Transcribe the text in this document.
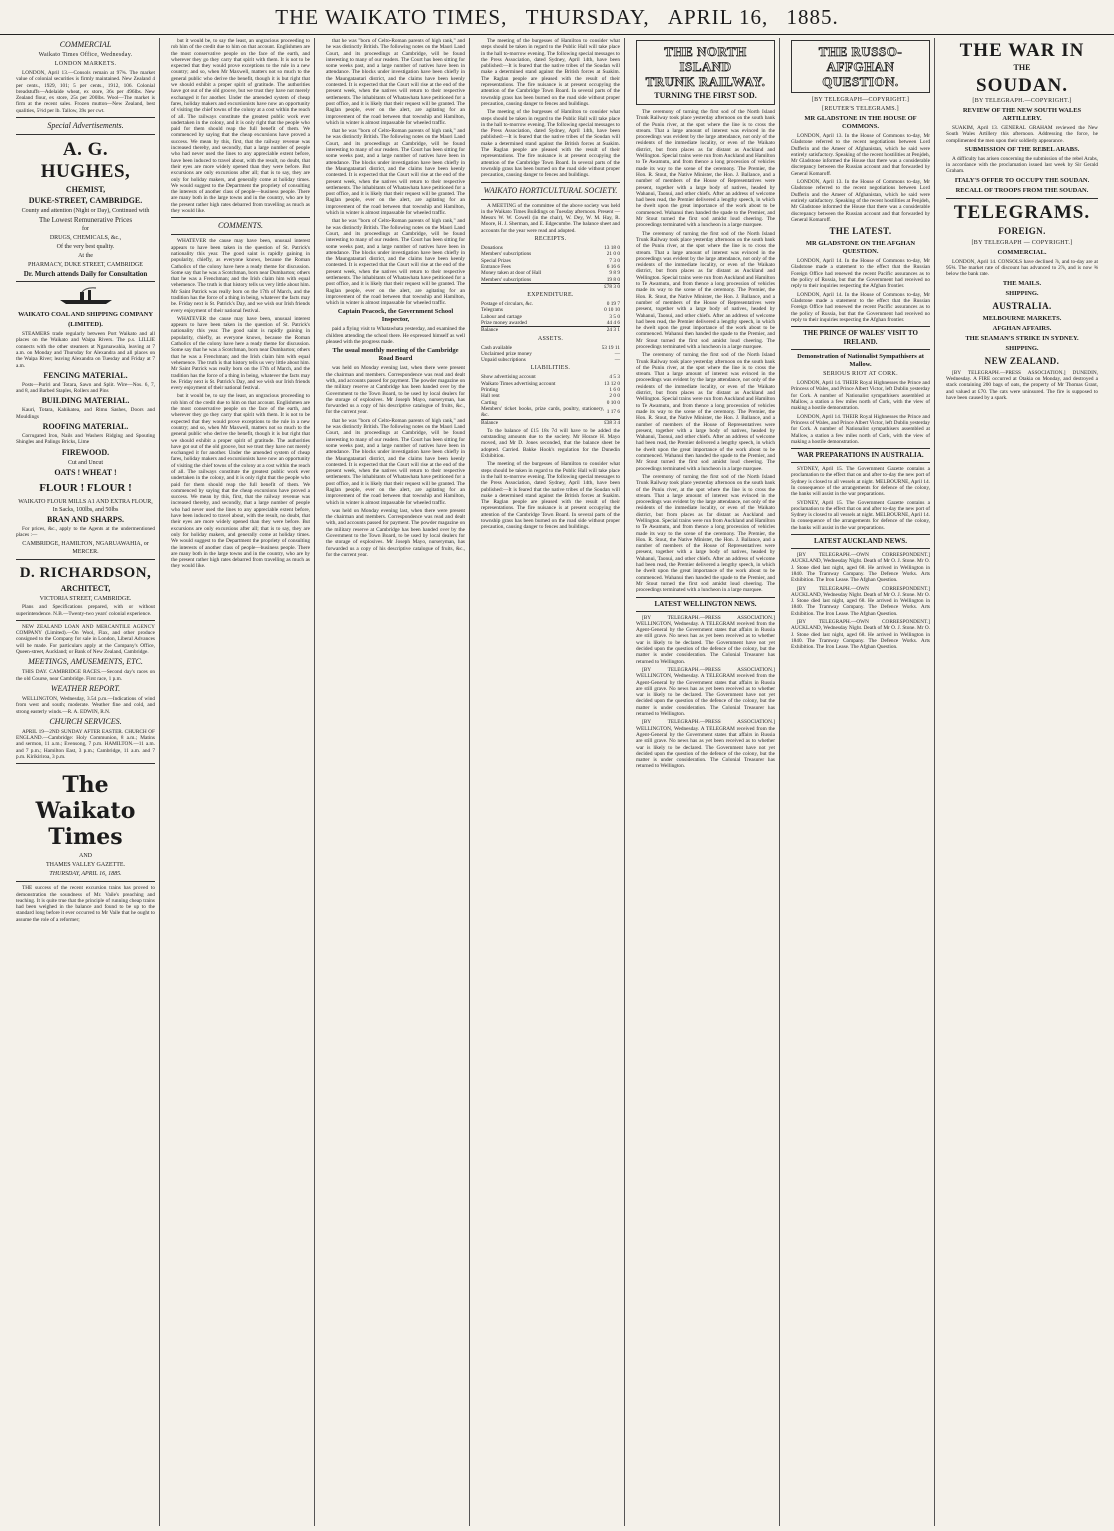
THE WAIKATO TIMES, THURSDAY, APRIL 16, 1885.
COMMERCIAL
Waikato Times Office, Wednesday.
LONDON MARKETS.

LONDON, April 13.—Consols remain at 97¾. The market value of colonial securities is firmly maintained. New Zealand 4 per cents., 1929, 101; 5 per cents., 1912, 106. Colonial breadstuffs—Adelaide wheat, ex store, 36s per 496lbs. New Zealand flour, ex store, 25s per 200lbs. Wool—The market is firm at the recent sales. Frozen mutton—New Zealand, best qualities, 5½d per lb. Tallow, 39s per cwt.

Special Advertisements.
A. G. HUGHES,
CHEMIST,
DUKE-STREET, CAMBRIDGE.
County and attention (Night or Day), Continued with
The Lowest Remunerative Prices
for
DRUGS, CHEMICALS, &c.,
Of the very best quality.
At the
PHARMACY, DUKE STREET, CAMBRIDGE
Dr. Murch attends Daily for Consultation
WAIKATO COAL AND SHIPPING COMPANY (LIMITED).

STEAMERS trade regularly between Port Waikato and all places on the Waikato and Waipa Rivers. The p.s. LILLIE connects with the other steamers at Ngaruawahia, leaving at 7 a.m. on Monday and Thursday for Alexandra and all places on the Waipa River; leaving Alexandra on Tuesday and Friday at 7 a.m.

FENCING MATERIAL.

Posts—Puriri and Totara, Sawn and Split. Wire—Nos. 6, 7, and 8, and Barbed Staples, Rollers and Pins

BUILDING MATERIAL.

Kauri, Totara, Kahikatea, and Rimu Sashes, Doors and Mouldings

ROOFING MATERIAL.

Corrugated Iron, Nails and Washers Ridging and Spouting Shingles and Palings Bricks, Lime

FIREWOOD.
Cut and Uncut
OATS ! WHEAT !
FLOUR ! FLOUR !
WAIKATO FLOUR MILLS A1 AND EXTRA FLOUR, In Sacks, 100lbs, and 50lbs
BRAN AND SHARPS.

For prices, &c., apply to the Agents at the undermentioned places :—

CAMBRIDGE, HAMILTON, NGARUAWAHIA, or MERCER.
D. RICHARDSON,
ARCHITECT,
VICTORIA STREET, CAMBRIDGE.

Plans and Specifications prepared, with or without superintendence. N.B.—Twenty-two years' colonial experience.

NEW ZEALAND LOAN AND MERCANTILE AGENCY COMPANY (Limited).—On Wool, Flax, and other produce consigned to the Company for sale in London, Liberal Advances will be made. For particulars apply at the Company's Office, Queen-street, Auckland; or Bank of New Zealand, Cambridge.

MEETINGS, AMUSEMENTS, ETC.

THIS DAY. CAMBRIDGE RACES.—Second day's races on the old Course, near Cambridge. First race, 1 p.m.

WEATHER REPORT.

WELLINGTON, Wednesday, 3.54 p.m.—Indications of wind from west and south; moderate. Weather fine and cold, and strong easterly winds.—R. A. EDWIN, R.N.

CHURCH SERVICES.

APRIL 19—2ND SUNDAY AFTER EASTER. CHURCH OF ENGLAND.—Cambridge: Holy Communion, 8 a.m.; Matins and sermon, 11 a.m.; Evensong, 7 p.m. HAMILTON.—11 a.m. and 7 p.m.; Hamilton East, 3 p.m.; Cambridge, 11 a.m. and 7 p.m. Kirikiriroa, 3 p.m.

The Waikato Times
AND
THAMES VALLEY GAZETTE.
THURSDAY, APRIL 16, 1885.

THE success of the recent excursion trains has proved to demonstration the soundness of Mr. Vaile's preaching and teaching. It is quite true that the principle of running cheap trains had been weighed in the balance and found to be up to the standard long before it ever occurred to Mr Vaile that he ought to assume the role of a reformer;

but it would be, to say the least, an ungracious proceeding to rob him of the credit due to him on that account. Englishmen are the most conservative people on the face of the earth, and wherever they go they carry that spirit with them. It is not to be expected that they would prove exceptions to the rule in a new country; and so, when Mr Maxwell, matters not so much to the general public who derive the benefit, though it is but right that we should exhibit a proper spirit of gratitude. The authorities have got out of the old groove, but we trust they have not merely exchanged it for another. Under the amended system of cheap fares, holiday makers and excursionists have now an opportunity of visiting the chief towns of the colony at a cost within the reach of all. The railways constitute the greatest public work ever undertaken in the colony, and it is only right that the people who paid for them should reap the full benefit of them. We commenced by saying that the cheap excursions have proved a success. We mean by this, first, that the railway revenue was increased thereby, and secondly, that a large number of people who had never used the lines to any appreciable extent before, have been induced to travel about, with the result, no doubt, that their eyes are more widely opened than they were before. But excursions are only excursions after all; that is to say, they are only for holiday makers, and generally come at holiday times. We would suggest to the Department the propriety of consulting the interests of another class of people—business people. There are many both in the large towns and in the country, who are by the present rather high rates debarred from travelling as much as they would like.

COMMENTS.

WHATEVER the cause may have been, unusual interest appears to have been taken in the question of St. Patrick's nationality this year. The good saint is rapidly gaining in popularity, chiefly, as everyone knows, because the Roman Catholics of the colony have here a ready theme for discussion. Some say that he was a Scotchman, born near Dumbarton; others that he was a Frenchman; and the Irish claim him with equal vehemence. The truth is that history tells us very little about him. Mr Saint Patrick was really born on the 17th of March, and the tradition has the force of a thing in being, whatever the facts may be. Friday next is St. Patrick's Day, and we wish our Irish friends every enjoyment of their national festival.

WHATEVER the cause may have been, unusual interest appears to have been taken in the question of St. Patrick's nationality this year. The good saint is rapidly gaining in popularity, chiefly, as everyone knows, because the Roman Catholics of the colony have here a ready theme for discussion. Some say that he was a Scotchman, born near Dumbarton; others that he was a Frenchman; and the Irish claim him with equal vehemence. The truth is that history tells us very little about him. Mr Saint Patrick was really born on the 17th of March, and the tradition has the force of a thing in being, whatever the facts may be. Friday next is St. Patrick's Day, and we wish our Irish friends every enjoyment of their national festival.

but it would be, to say the least, an ungracious proceeding to rob him of the credit due to him on that account. Englishmen are the most conservative people on the face of the earth, and wherever they go they carry that spirit with them. It is not to be expected that they would prove exceptions to the rule in a new country; and so, when Mr Maxwell, matters not so much to the general public who derive the benefit, though it is but right that we should exhibit a proper spirit of gratitude. The authorities have got out of the old groove, but we trust they have not merely exchanged it for another. Under the amended system of cheap fares, holiday makers and excursionists have now an opportunity of visiting the chief towns of the colony at a cost within the reach of all. The railways constitute the greatest public work ever undertaken in the colony, and it is only right that the people who paid for them should reap the full benefit of them. We commenced by saying that the cheap excursions have proved a success. We mean by this, first, that the railway revenue was increased thereby, and secondly, that a large number of people who had never used the lines to any appreciable extent before, have been induced to travel about, with the result, no doubt, that their eyes are more widely opened than they were before. But excursions are only excursions after all; that is to say, they are only for holiday makers, and generally come at holiday times. We would suggest to the Department the propriety of consulting the interests of another class of people—business people. There are many both in the large towns and in the country, who are by the present rather high rates debarred from travelling as much as they would like.

that he was "born of Celto-Roman parents of high rank," and he was distinctly British. The following notes on the Maori Land Court, and its proceedings at Cambridge, will be found interesting to many of our readers. The Court has been sitting for some weeks past, and a large number of natives have been in attendance. The blocks under investigation have been chiefly in the Maungatautari district, and the claims have been keenly contested. It is expected that the Court will rise at the end of the present week, when the natives will return to their respective settlements. The inhabitants of Whatawhata have petitioned for a post office, and it is likely that their request will be granted. The Raglan people, ever on the alert, are agitating for an improvement of the road between that township and Hamilton, which in winter is almost impassable for wheeled traffic.

that he was "born of Celto-Roman parents of high rank," and he was distinctly British. The following notes on the Maori Land Court, and its proceedings at Cambridge, will be found interesting to many of our readers. The Court has been sitting for some weeks past, and a large number of natives have been in attendance. The blocks under investigation have been chiefly in the Maungatautari district, and the claims have been keenly contested. It is expected that the Court will rise at the end of the present week, when the natives will return to their respective settlements. The inhabitants of Whatawhata have petitioned for a post office, and it is likely that their request will be granted. The Raglan people, ever on the alert, are agitating for an improvement of the road between that township and Hamilton, which in winter is almost impassable for wheeled traffic.

that he was "born of Celto-Roman parents of high rank," and he was distinctly British. The following notes on the Maori Land Court, and its proceedings at Cambridge, will be found interesting to many of our readers. The Court has been sitting for some weeks past, and a large number of natives have been in attendance. The blocks under investigation have been chiefly in the Maungatautari district, and the claims have been keenly contested. It is expected that the Court will rise at the end of the present week, when the natives will return to their respective settlements. The inhabitants of Whatawhata have petitioned for a post office, and it is likely that their request will be granted. The Raglan people, ever on the alert, are agitating for an improvement of the road between that township and Hamilton, which in winter is almost impassable for wheeled traffic.

Captain Peacock, the Government School Inspector,

paid a flying visit to Whatawhata yesterday, and examined the children attending the school there. He expressed himself as well pleased with the progress made.

The usual monthly meeting of the Cambridge Road Board

was held on Monday evening last, when there were present the chairman and members. Correspondence was read and dealt with, and accounts passed for payment. The powder magazine on the military reserve at Cambridge has been handed over by the Government to the Town Board, to be used by local dealers for the storage of explosives. Mr Joseph Mayo, nurseryman, has forwarded us a copy of his descriptive catalogue of fruits, &c., for the current year.

that he was "born of Celto-Roman parents of high rank," and he was distinctly British. The following notes on the Maori Land Court, and its proceedings at Cambridge, will be found interesting to many of our readers. The Court has been sitting for some weeks past, and a large number of natives have been in attendance. The blocks under investigation have been chiefly in the Maungatautari district, and the claims have been keenly contested. It is expected that the Court will rise at the end of the present week, when the natives will return to their respective settlements. The inhabitants of Whatawhata have petitioned for a post office, and it is likely that their request will be granted. The Raglan people, ever on the alert, are agitating for an improvement of the road between that township and Hamilton, which in winter is almost impassable for wheeled traffic.

was held on Monday evening last, when there were present the chairman and members. Correspondence was read and dealt with, and accounts passed for payment. The powder magazine on the military reserve at Cambridge has been handed over by the Government to the Town Board, to be used by local dealers for the storage of explosives. Mr Joseph Mayo, nurseryman, has forwarded us a copy of his descriptive catalogue of fruits, &c., for the current year.

The meeting of the burgesses of Hamilton to consider what steps should be taken in regard to the Public Hall will take place in the hall to-morrow evening. The following special messages to the Press Association, dated Sydney, April 14th, have been published:—It is feared that the native tribes of the Soudan will make a determined stand against the British forces at Suakim. The Raglan people are pleased with the result of their representations. The fire nuisance is at present occupying the attention of the Cambridge Town Board. In several parts of the township grass has been burned on the road side without proper precaution, causing danger to fences and buildings.

The meeting of the burgesses of Hamilton to consider what steps should be taken in regard to the Public Hall will take place in the hall to-morrow evening. The following special messages to the Press Association, dated Sydney, April 14th, have been published:—It is feared that the native tribes of the Soudan will make a determined stand against the British forces at Suakim. The Raglan people are pleased with the result of their representations. The fire nuisance is at present occupying the attention of the Cambridge Town Board. In several parts of the township grass has been burned on the road side without proper precaution, causing danger to fences and buildings.

WAIKATO HORTICULTURAL SOCIETY.

A MEETING of the committee of the above society was held in the Waikato Times Buildings on Tuesday afternoon. Present —Messrs W. W. Cowell (in the chair), W. Dey, W. M. Hay, R. Moore, H. J. Sherman, and E. Edgecumbe. The balance sheet and accounts for the year were read and adopted.

RECEIPTS.
Donations	13 18 0
Members' subscriptions	21 0 0
Special Prizes	7 3 0
Entrance Fees	6 16 6
Money taken at door of Hall	9 8 9
Members' subscriptions	19 8 0
	£78 3 0
EXPENDITURE.
Postage of circulars, &c.	0 19 7
Telegrams	0 10 10
Labour and cartage	3 5 0
Prize money awarded	44 4 6
Balance	24 3 1
ASSETS.
Cash available	53 19 11
Unclaimed prize money	—
Unpaid subscriptions	—
LIABILITIES.
Show advertising account	4 5 3
Waikato Times advertising account	13 12 0
Printing	1 6 0
Hall rent	2 0 0
Carting	0 10 0
Members' ticket books, prize cards, poultry, stationery, &c.	1 17 6
Balance	£38 3 4

To the balance of £15 18s 7d will have to be added the outstanding amounts due to the society. Mr Horace H. Mayo moved, and Mr D. Jones seconded, that the balance sheet be adopted. Carried. Bakke Hook's regulation for the Dunedin Exhibition.

The meeting of the burgesses of Hamilton to consider what steps should be taken in regard to the Public Hall will take place in the hall to-morrow evening. The following special messages to the Press Association, dated Sydney, April 14th, have been published:—It is feared that the native tribes of the Soudan will make a determined stand against the British forces at Suakim. The Raglan people are pleased with the result of their representations. The fire nuisance is at present occupying the attention of the Cambridge Town Board. In several parts of the township grass has been burned on the road side without proper precaution, causing danger to fences and buildings.

THE NORTH ISLAND
TRUNK RAILWAY.
TURNING THE FIRST SOD.

The ceremony of turning the first sod of the North Island Trunk Railway took place yesterday afternoon on the south bank of the Puniu river, at the spot where the line is to cross the stream. That a large amount of interest was evinced in the proceedings was evident by the large attendance, not only of the residents of the immediate locality, or even of the Waikato district, but from places as far distant as Auckland and Wellington. Special trains were run from Auckland and Hamilton to Te Awamutu, and from thence a long procession of vehicles made its way to the scene of the ceremony. The Premier, the Hon. R. Stout, the Native Minister, the Hon. J. Ballance, and a number of members of the House of Representatives were present, together with a large body of natives, headed by Wahanui, Taonui, and other chiefs. After an address of welcome had been read, the Premier delivered a lengthy speech, in which he dwelt upon the great importance of the work about to be commenced. Wahanui then handed the spade to the Premier, and Mr Stout turned the first sod amidst loud cheering. The proceedings terminated with a luncheon in a large marquee.

The ceremony of turning the first sod of the North Island Trunk Railway took place yesterday afternoon on the south bank of the Puniu river, at the spot where the line is to cross the stream. That a large amount of interest was evinced in the proceedings was evident by the large attendance, not only of the residents of the immediate locality, or even of the Waikato district, but from places as far distant as Auckland and Wellington. Special trains were run from Auckland and Hamilton to Te Awamutu, and from thence a long procession of vehicles made its way to the scene of the ceremony. The Premier, the Hon. R. Stout, the Native Minister, the Hon. J. Ballance, and a number of members of the House of Representatives were present, together with a large body of natives, headed by Wahanui, Taonui, and other chiefs. After an address of welcome had been read, the Premier delivered a lengthy speech, in which he dwelt upon the great importance of the work about to be commenced. Wahanui then handed the spade to the Premier, and Mr Stout turned the first sod amidst loud cheering. The proceedings terminated with a luncheon in a large marquee.

The ceremony of turning the first sod of the North Island Trunk Railway took place yesterday afternoon on the south bank of the Puniu river, at the spot where the line is to cross the stream. That a large amount of interest was evinced in the proceedings was evident by the large attendance, not only of the residents of the immediate locality, or even of the Waikato district, but from places as far distant as Auckland and Wellington. Special trains were run from Auckland and Hamilton to Te Awamutu, and from thence a long procession of vehicles made its way to the scene of the ceremony. The Premier, the Hon. R. Stout, the Native Minister, the Hon. J. Ballance, and a number of members of the House of Representatives were present, together with a large body of natives, headed by Wahanui, Taonui, and other chiefs. After an address of welcome had been read, the Premier delivered a lengthy speech, in which he dwelt upon the great importance of the work about to be commenced. Wahanui then handed the spade to the Premier, and Mr Stout turned the first sod amidst loud cheering. The proceedings terminated with a luncheon in a large marquee.

The ceremony of turning the first sod of the North Island Trunk Railway took place yesterday afternoon on the south bank of the Puniu river, at the spot where the line is to cross the stream. That a large amount of interest was evinced in the proceedings was evident by the large attendance, not only of the residents of the immediate locality, or even of the Waikato district, but from places as far distant as Auckland and Wellington. Special trains were run from Auckland and Hamilton to Te Awamutu, and from thence a long procession of vehicles made its way to the scene of the ceremony. The Premier, the Hon. R. Stout, the Native Minister, the Hon. J. Ballance, and a number of members of the House of Representatives were present, together with a large body of natives, headed by Wahanui, Taonui, and other chiefs. After an address of welcome had been read, the Premier delivered a lengthy speech, in which he dwelt upon the great importance of the work about to be commenced. Wahanui then handed the spade to the Premier, and Mr Stout turned the first sod amidst loud cheering. The proceedings terminated with a luncheon in a large marquee.

LATEST WELLINGTON NEWS.

[BY TELEGRAPH.—PRESS ASSOCIATION.] WELLINGTON, Wednesday. A TELEGRAM received from the Agent-General by the Government states that affairs in Russia are still grave. No news has as yet been received as to whether war is likely to be declared. The Government have not yet decided upon the question of the defence of the colony, but the matter is under consideration. The Colonial Treasurer has returned to Wellington.

[BY TELEGRAPH.—PRESS ASSOCIATION.] WELLINGTON, Wednesday. A TELEGRAM received from the Agent-General by the Government states that affairs in Russia are still grave. No news has as yet been received as to whether war is likely to be declared. The Government have not yet decided upon the question of the defence of the colony, but the matter is under consideration. The Colonial Treasurer has returned to Wellington.

[BY TELEGRAPH.—PRESS ASSOCIATION.] WELLINGTON, Wednesday. A TELEGRAM received from the Agent-General by the Government states that affairs in Russia are still grave. No news has as yet been received as to whether war is likely to be declared. The Government have not yet decided upon the question of the defence of the colony, but the matter is under consideration. The Colonial Treasurer has returned to Wellington.

THE RUSSO-AFFGHAN
QUESTION.
[BY TELEGRAPH—COPYRIGHT.]
[REUTER'S TELEGRAMS.]
MR GLADSTONE IN THE HOUSE OF COMMONS.

LONDON, April 13. In the House of Commons to-day, Mr Gladstone referred to the recent negotiations between Lord Dufferin and the Ameer of Afghanistan, which he said were entirely satisfactory. Speaking of the recent hostilities at Penjdeh, Mr Gladstone informed the House that there was a considerable discrepancy between the Russian account and that forwarded by General Komaroff.

LONDON, April 13. In the House of Commons to-day, Mr Gladstone referred to the recent negotiations between Lord Dufferin and the Ameer of Afghanistan, which he said were entirely satisfactory. Speaking of the recent hostilities at Penjdeh, Mr Gladstone informed the House that there was a considerable discrepancy between the Russian account and that forwarded by General Komaroff.

THE LATEST.
MR GLADSTONE ON THE AFGHAN QUESTION.

LONDON, April 14. In the House of Commons to-day, Mr Gladstone made a statement to the effect that the Russian Foreign Office had renewed the recent Pacific assurances as to the policy of Russia, but that the Government had received no reply to their inquiries respecting the Afghan frontier.

LONDON, April 14. In the House of Commons to-day, Mr Gladstone made a statement to the effect that the Russian Foreign Office had renewed the recent Pacific assurances as to the policy of Russia, but that the Government had received no reply to their inquiries respecting the Afghan frontier.

THE PRINCE OF WALES' VISIT TO IRELAND.
Demonstration of Nationalist Sympathisers at Mallow.
SERIOUS RIOT AT CORK.

LONDON, April 14. THEIR Royal Highnesses the Prince and Princess of Wales, and Prince Albert Victor, left Dublin yesterday for Cork. A number of Nationalist sympathisers assembled at Mallow, a station a few miles north of Cork, with the view of making a hostile demonstration.

LONDON, April 14. THEIR Royal Highnesses the Prince and Princess of Wales, and Prince Albert Victor, left Dublin yesterday for Cork. A number of Nationalist sympathisers assembled at Mallow, a station a few miles north of Cork, with the view of making a hostile demonstration.

WAR PREPARATIONS IN AUSTRALIA.

SYDNEY, April 15. The Government Gazette contains a proclamation to the effect that on and after to-day the new port of Sydney is closed to all vessels at night. MELBOURNE, April 14. In consequence of the arrangements for defence of the colony, the banks will assist in the war preparations.

SYDNEY, April 15. The Government Gazette contains a proclamation to the effect that on and after to-day the new port of Sydney is closed to all vessels at night. MELBOURNE, April 14. In consequence of the arrangements for defence of the colony, the banks will assist in the war preparations.

LATEST AUCKLAND NEWS.

[BY TELEGRAPH.—OWN CORRESPONDENT.] AUCKLAND, Wednesday Night. Death of Mr O. J. Stone. Mr O. J. Stone died last night, aged 68. He arrived in Wellington in 1840. The Tramway Company. The Defence Works. Arts Exhibition. The Iron Lease. The Afghan Question.

[BY TELEGRAPH.—OWN CORRESPONDENT.] AUCKLAND, Wednesday Night. Death of Mr O. J. Stone. Mr O. J. Stone died last night, aged 68. He arrived in Wellington in 1840. The Tramway Company. The Defence Works. Arts Exhibition. The Iron Lease. The Afghan Question.

[BY TELEGRAPH.—OWN CORRESPONDENT.] AUCKLAND, Wednesday Night. Death of Mr O. J. Stone. Mr O. J. Stone died last night, aged 68. He arrived in Wellington in 1840. The Tramway Company. The Defence Works. Arts Exhibition. The Iron Lease. The Afghan Question.

THE WAR IN
THE
SOUDAN.
[BY TELEGRAPH.—COPYRIGHT.]
REVIEW OF THE NEW SOUTH WALES ARTILLERY.

SUAKIM, April 13. GENERAL GRAHAM reviewed the New South Wales Artillery this afternoon. Addressing the force, he complimented the men upon their soldierly appearance.

SUBMISSION OF THE REBEL ARABS.

A difficulty has arisen concerning the submission of the rebel Arabs, in accordance with the proclamation issued last week by Sir Gerald Graham.

ITALY'S OFFER TO OCCUPY THE SOUDAN.
RECALL OF TROOPS FROM THE SOUDAN.
TELEGRAMS.
FOREIGN.
[BY TELEGRAPH — COPYRIGHT.]
COMMERCIAL.

LONDON, April 14. CONSOLS have declined ⅞, and to-day are at 95⅝. The market rate of discount has advanced to 2⅞, and is now ⅝ below the bank rate.

THE MAILS.
SHIPPING.
AUSTRALIA.
MELBOURNE MARKETS.
AFGHAN AFFAIRS.
THE SEAMAN'S STRIKE IN SYDNEY.
SHIPPING.
NEW ZEALAND.

[BY TELEGRAPH.—PRESS ASSOCIATION.] DUNEDIN, Wednesday. A FIRE occurred at Otakia on Monday, and destroyed a stack containing 200 bags of oats, the property of Mr Thomas Grant, and valued at £70. The cats were uninsured. The fire is supposed to have been caused by a spark.
